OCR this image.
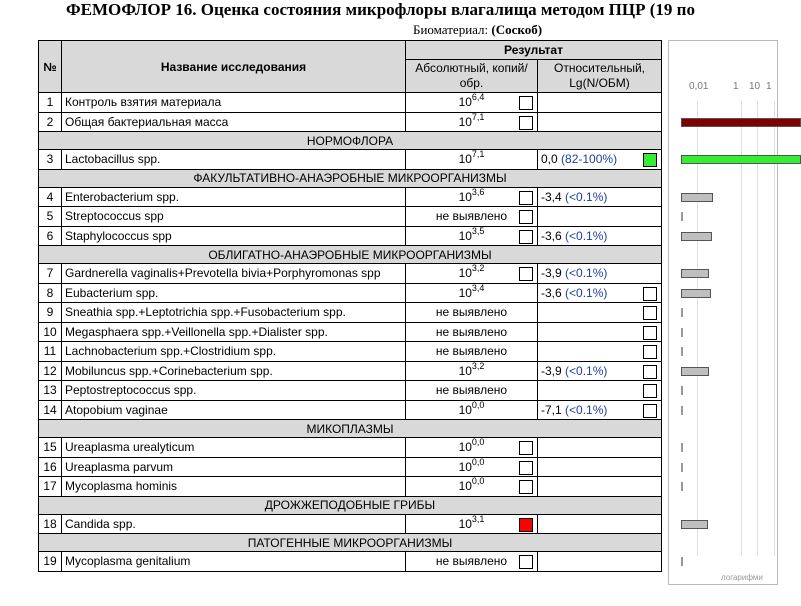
ФЕМОФЛОР 16. Оценка состояния микрофлоры влагалища методом ПЦР (19 по
Биоматериал: (Соскоб)
№	Название исследования	Результат	
		Абсолютный, копий/обр.	Относительный, Lg(N/ОБМ)
1	Контроль взятия материала	10$^{6,4}$

2	Общая бактериальная масса	10$^{7,1}$

НОРМОФЛОРА			
3	Lactobacillus spp.	10$^{7,1}$	0,0 (82-100%)

ФАКУЛЬТАТИВНО-АНАЭРОБНЫЕ МИКРООРГАНИЗМЫ			
4	Enterobacterium spp.	10$^{3,6}$	-3,4 (<0.1%)
5	Streptococcus spp	не выявлено

6	Staphylococcus spp	10$^{3,5}$	-3,6 (<0.1%)
ОБЛИГАТНО-АНАЭРОБНЫЕ МИКРООРГАНИЗМЫ			
7	Gardnerella vaginalis+Prevotella bivia+Porphyromonas spp	10$^{3,2}$	-3,9 (<0.1%)
8	Eubacterium spp.	10$^{3,4}$	-3,6 (<0.1%)

9	Sneathia spp.+Leptotrichia spp.+Fusobacterium spp.	не выявлено	

10	Megasphaera spp.+Veillonella spp.+Dialister spp.	не выявлено	

11	Lachnobacterium spp.+Clostridium spp.	не выявлено	

12	Mobiluncus spp.+Corinebacterium spp.	10$^{3,2}$	-3,9 (<0.1%)

13	Peptostreptococcus spp.	не выявлено	

14	Atopobium vaginae	10$^{0,0}$	-7,1 (<0.1%)

МИКОПЛАЗМЫ			
15	Ureaplasma urealyticum	10$^{0,0}$

16	Ureaplasma parvum	10$^{0,0}$

17	Mycoplasma hominis	10$^{0,0}$

ДРОЖЖЕПОДОБНЫЕ ГРИБЫ			
18	Candida spp.	10$^{3,1}$

ПАТОГЕННЫЕ МИКРООРГАНИЗМЫ			
19	Mycoplasma genitalium	не выявлено

логарифми
0,01 1 10 1
